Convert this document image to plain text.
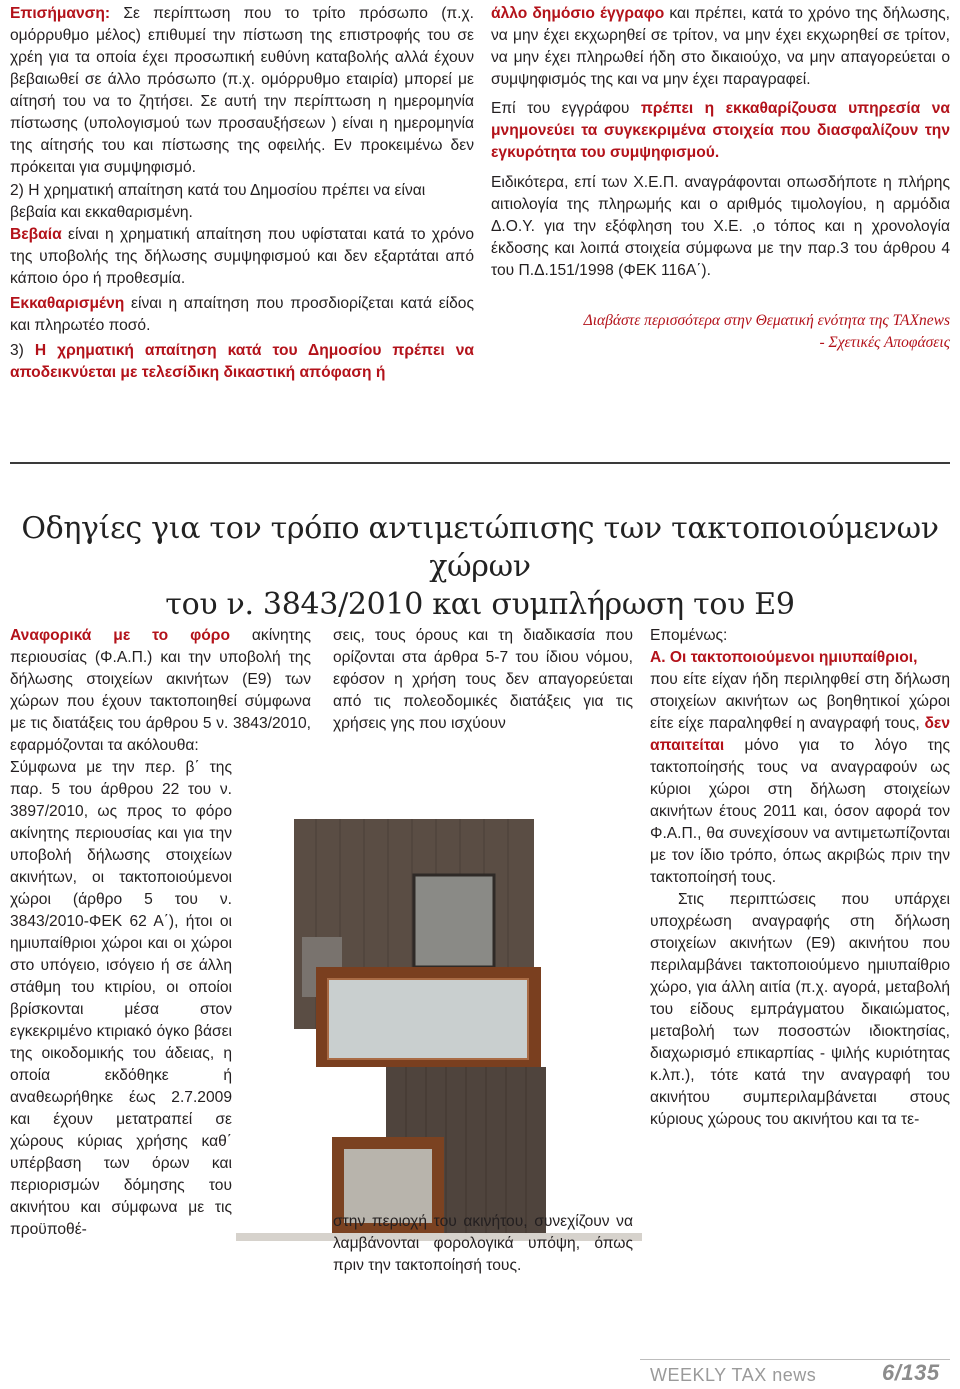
Επισήμανση: Σε περίπτωση που το τρίτο πρόσωπο (π.χ. ομόρρυθμο μέλος) επιθυμεί την πίστωση της επιστροφής του σε χρέη για τα οποία έχει προσωπική ευθύνη καταβολής αλλά έχουν βεβαιωθεί σε άλλο πρόσωπο (π.χ. ομόρρυθμο εταιρία) μπορεί με αίτησή του να το ζητήσει. Σε αυτή την περίπτωση η ημερομηνία πίστωσης (υπολογισμού των προσαυξήσεων ) είναι η ημερομηνία της αίτησής του και πίστωσης της οφειλής. Εν προκειμένω δεν πρόκειται για συμψηφισμό.

2) Η χρηματική απαίτηση κατά του Δημοσίου πρέπει να είναι βεβαία και εκκαθαρισμένη.

Βεβαία είναι η χρηματική απαίτηση που υφίσταται κατά το χρόνο της υποβολής της δήλωσης συμψηφισμού και δεν εξαρτάται από κάποιο όρο ή προθεσμία.

Εκκαθαρισμένη είναι η απαίτηση που προσδιορίζεται κατά είδος και πληρωτέο ποσό.

3) Η χρηματική απαίτηση κατά του Δημοσίου πρέπει να αποδεικνύεται με τελεσίδικη δικαστική απόφαση ή

άλλο δημόσιο έγγραφο και πρέπει, κατά το χρόνο της δήλωσης, να μην έχει εκχωρηθεί σε τρίτον, να μην έχει εκχωρηθεί σε τρίτον, να μην έχει πληρωθεί ήδη στο δικαιούχο, να μην απαγορεύεται ο συμψηφισμός της και να μην έχει παραγραφεί.

Επί του εγγράφου πρέπει η εκκαθαρίζουσα υπηρεσία να μνημονεύει τα συγκεκριμένα στοιχεία που διασφαλίζουν την εγκυρότητα του συμψηφισμού.

Ειδικότερα, επί των Χ.Ε.Π. αναγράφονται οπωσδήποτε η πλήρης αιτιολογία της πληρωμής και ο αριθμός τιμολογίου, η αρμόδια Δ.Ο.Υ. για την εξόφληση του Χ.Ε. ,ο τόπος και η χρονολογία έκδοσης και λοιπά στοιχεία σύμφωνα με την παρ.3 του άρθρου 4 του Π.Δ.151/1998 (ΦΕΚ 116Α΄).

Διαβάστε περισσότερα στην Θεματική ενότητα της TAXnews
- Σχετικές Αποφάσεις
Οδηγίες για τον τρόπο αντιμετώπισης των τακτοποιούμενων χώρων
του ν. 3843/2010 και συμπλήρωση του Ε9

Αναφορικά με το φόρο ακίνητης περιουσίας (Φ.Α.Π.) και την υποβολή της δήλωσης στοιχείων ακινήτων (Ε9) των χώρων που έχουν τακτοποιηθεί σύμφωνα με τις διατάξεις του άρθρου 5 ν. 3843/2010, εφαρμόζονται τα ακόλουθα:

Σύμφωνα με την περ. β΄ της παρ. 5 του άρθρου 22 του ν. 3897/2010, ως προς το φόρο ακίνητης περιουσίας και για την υποβολή δήλωσης στοιχείων ακινήτων, οι τακτοποιούμενοι χώροι (άρθρο 5 του ν. 3843/2010-ΦΕΚ 62 Α΄), ήτοι οι ημιυπαίθριοι χώροι και οι χώροι στο υπόγειο, ισόγειο ή σε άλλη στάθμη του κτιρίου, οι οποίοι βρίσκονται μέσα στον εγκεκριμένο κτιριακό όγκο βάσει της οικοδομικής του άδειας, η οποία εκδόθηκε ή αναθεωρήθηκε έως 2.7.2009 και έχουν μετατραπεί σε χώρους κύριας χρήσης καθ΄ υπέρβαση των όρων και περιορισμών δόμησης του ακινήτου και σύμφωνα με τις προϋποθέ-

σεις, τους όρους και τη διαδικασία που ορίζονται στα άρθρα 5-7 του ίδιου νόμου, εφόσον η χρήση τους δεν απαγορεύεται από τις πολεοδομικές διατάξεις για τις χρήσεις γης που ισχύουν

στην περιοχή του ακινήτου, συνεχίζουν να λαμβάνονται φορολογικά υπόψη, όπως πριν την τακτοποίησή τους.

Επομένως:

Α. Οι τακτοποιούμενοι ημιυπαίθριοι,

που είτε είχαν ήδη περιληφθεί στη δήλωση στοιχείων ακινήτων ως βοηθητικοί χώροι είτε είχε παραληφθεί η αναγραφή τους, δεν απαιτείται μόνο για το λόγο της τακτοποίησής τους να αναγραφούν ως κύριοι χώροι στη δήλωση στοιχείων ακινήτων έτους 2011 και, όσον αφορά τον Φ.Α.Π., θα συνεχίσουν να αντιμετωπίζονται με τον ίδιο τρόπο, όπως ακριβώς πριν την τακτοποίησή τους.

Στις περιπτώσεις που υπάρχει υποχρέωση αναγραφής στη δήλωση στοιχείων ακινήτων (Ε9) ακινήτου που περιλαμβάνει τακτοποιούμενο ημιυπαίθριο χώρο, για άλλη αιτία (π.χ. αγορά, μεταβολή του είδους εμπράγματου δικαιώματος, μεταβολή των ποσοστών ιδιοκτησίας, διαχωρισμό επικαρπίας - ψιλής κυριότητας κ.λπ.), τότε κατά την αναγραφή του ακινήτου συμπεριλαμβάνεται στους κύριους χώρους του ακινήτου και τα τε-

WEEKLY TAX news	6/135
